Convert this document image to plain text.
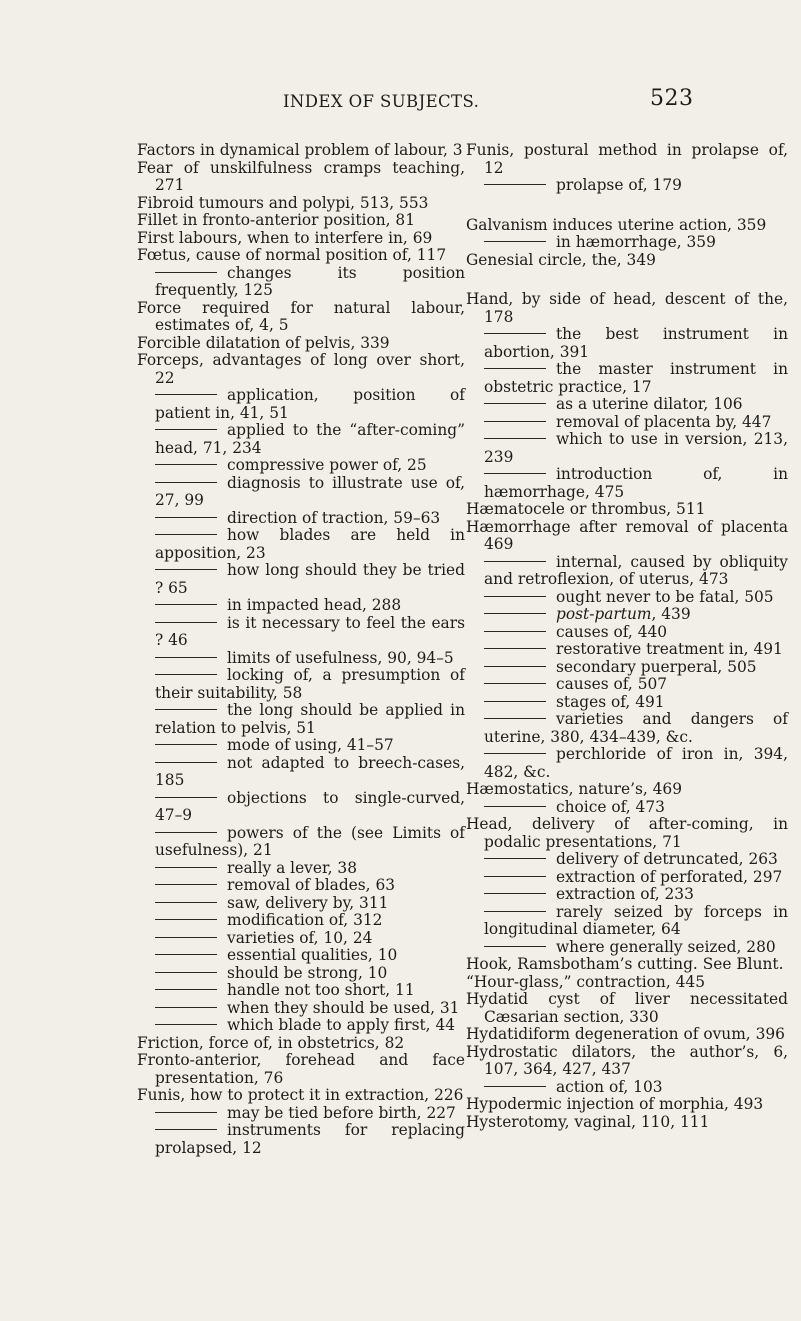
INDEX OF SUBJECTS.	523
Factors in dynamical problem of labour, 3
Fear of unskilfulness cramps teaching, 271
Fibroid tumours and polypi, 513, 553
Fillet in fronto-anterior position, 81
First labours, when to interfere in, 69
Fœtus, cause of normal position of, 117
changes its position frequently, 125
Force required for natural labour, estimates of, 4, 5
Forcible dilatation of pelvis, 339
Forceps, advantages of long over short, 22
application, position of patient in, 41, 51
applied to the “after-coming” head, 71, 234
compressive power of, 25
diagnosis to illustrate use of, 27, 99
direction of traction, 59–63
how blades are held in apposition, 23
how long should they be tried ? 65
in impacted head, 288
is it necessary to feel the ears ? 46
limits of usefulness, 90, 94–5
locking of, a presumption of their suitability, 58
the long should be applied in relation to pelvis, 51
mode of using, 41–57
not adapted to breech-cases, 185
objections to single-curved, 47–9
powers of the (see Limits of usefulness), 21
really a lever, 38
removal of blades, 63
saw, delivery by, 311
modification of, 312
varieties of, 10, 24
essential qualities, 10
should be strong, 10
handle not too short, 11
when they should be used, 31
which blade to apply first, 44
Friction, force of, in obstetrics, 82
Fronto-anterior, forehead and face presentation, 76
Funis, how to protect it in extraction, 226
may be tied before birth, 227
instruments for replacing prolapsed, 12
Funis, postural method in prolapse of, 12
prolapse of, 179
Galvanism induces uterine action, 359
in hæmorrhage, 359
Genesial circle, the, 349
Hand, by side of head, descent of the, 178
the best instrument in abortion, 391
the master instrument in obstetric practice, 17
as a uterine dilator, 106
removal of placenta by, 447
which to use in version, 213, 239
introduction of, in hæmorrhage, 475
Hæmatocele or thrombus, 511
Hæmorrhage after removal of placenta 469
internal, caused by obliquity and retroflexion, of uterus, 473
ought never to be fatal, 505
post-partum, 439
causes of, 440
restorative treatment in, 491
secondary puerperal, 505
causes of, 507
stages of, 491
varieties and dangers of uterine, 380, 434–439, &c.
perchloride of iron in, 394, 482, &c.
Hæmostatics, nature’s, 469
choice of, 473
Head, delivery of after-coming, in podalic presentations, 71
delivery of detruncated, 263
extraction of perforated, 297
extraction of, 233
rarely seized by forceps in longitudinal diameter, 64
where generally seized, 280
Hook, Ramsbotham’s cutting. See Blunt.
“Hour-glass,” contraction, 445
Hydatid cyst of liver necessitated Cæsarian section, 330
Hydatidiform degeneration of ovum, 396
Hydrostatic dilators, the author’s, 6, 107, 364, 427, 437
action of, 103
Hypodermic injection of morphia, 493
Hysterotomy, vaginal, 110, 111
